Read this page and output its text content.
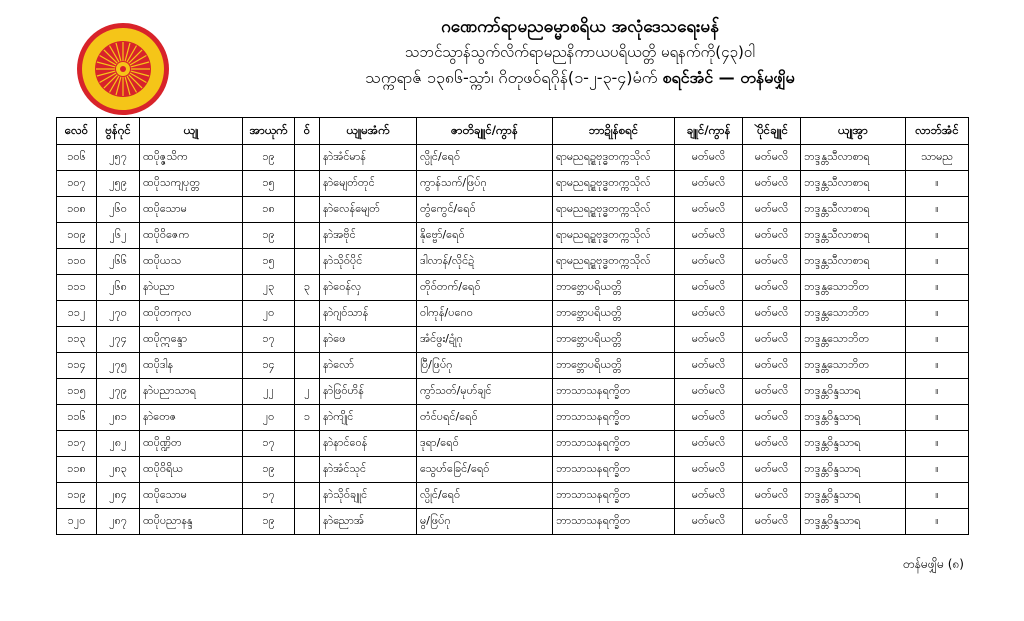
ဂဏေကာ်ရာမညဓမ္မာစရိယ အလုံဒေသရေးမန်
သဘင်သွာန်သွက်လိက်ရာမညနိကာယပရိယတ္တိ မရနက်ကို(၄၃)ဝါ
သက္ကရာဇ် ၁၃၈၆-သ္ကာံ၊ ဂိတုဖဝ်ရဂိုန်(၁-၂-၃-၄)မံက် စရင်အံင် — တန်မဖျှိမ
လေဝ်	ဗွန်ဂုင်	ယျု	အာယုက်	ဝ်	ယျုမအံက်	ဇာတိချူင်/ကွာန်	ဘာဍိုန်စရင်	ချူင်/ကွာန်	ပိုဲင်ချူင်	ယျုအွာ	လာဘ်အံင်
၁၀၆	၂၅၇	ထပိုဇ္ဇသိက	၁၉		နာဲအံင်မာန်	လ္ပိုင်/ရေဝ်	ရာမညရဍ္ဍဗုဒ္ဓတက္ကသိုလ်	မတ်မလိ	မတ်မလိ	ဘဒ္ဒန္တသီလာစာရ	သာမည
၁၀၇	၂၅၉	ထပိုသကျပုတ္တ	၁၅		နာဲမျေတ်တုင်	ကွာန်သက်/ဖြပ်ဂု	ရာမညရဍ္ဍဗုဒ္ဓတက္ကသိုလ်	မတ်မလိ	မတ်မလိ	ဘဒ္ဒန္တသီလာစာရ	။
၁၀၈	၂၆၀	ထပိုသောမ	၁၈		နာဲလေန်မျေတ်	တွံကွေင်/ရေဝ်	ရာမညရဍ္ဍဗုဒ္ဓတက္ကသိုလ်	မတ်မလိ	မတ်မလိ	ဘဒ္ဒန္တသီလာစာရ	။
၁၀၉	၂၆၂	ထပိုဝိဇေက	၁၉		နာဲအဗိုင်	နိုဗ္ဗော်/ရေဝ်	ရာမညရဍ္ဍဗုဒ္ဓတက္ကသိုလ်	မတ်မလိ	မတ်မလိ	ဘဒ္ဒန္တသီလာစာရ	။
၁၁၀	၂၆၆	ထပိုယသ	၁၅		နာဲသိုဝ်ပိုင်	ဒါလာန်/လိုင်ဍဲ	ရာမညရဍ္ဍဗုဒ္ဓတက္ကသိုလ်	မတ်မလိ	မတ်မလိ	ဘဒ္ဒန္တသီလာစာရ	။
၁၁၁	၂၆၈	နာဲပညာ	၂၃	၃	နာဲဝေန်လှ	တိုဝ်တက်/ရေဝ်	ဘာဗ္ဘောပရိယတ္တိ	မတ်မလိ	မတ်မလိ	ဘဒ္ဒန္တသောဘိတ	။
၁၁၂	၂၇၀	ထပိုတကုလ	၂၀		နာဲဂျဝ်သာန်	ဝါကုန်/ပဂေဝ	ဘာဗ္ဘောပရိယတ္တိ	မတ်မလိ	မတ်မလိ	ဘဒ္ဒန္တသောဘိတ	။
၁၁၃	၂၇၄	ထပိုဣန္ဒော	၁၇		နာဲဖေ	အံင်ဖွး/ဍုံဂု	ဘာဗ္ဘောပရိယတ္တိ	မတ်မလိ	မတ်မလိ	ဘဒ္ဒန္တသောဘိတ	။
၁၁၄	၂၇၅	ထပိုဒါန	၁၄		နာဲလော်	ပြီ/ဖြပ်ဂု	ဘာဗ္ဘောပရိယတ္တိ	မတ်မလိ	မတ်မလိ	ဘဒ္ဒန္တသောဘိတ	။
၁၁၅	၂၇၉	နာဲပညာသာရ	၂၂	၂	နာဲဖြဝ်ဟိန်	ကွာ်သတ်/မုဟ်ချင်	ဘာသာသနရက္ခိတ	မတ်မလိ	မတ်မလိ	ဘဒ္ဒန္တဝိန္ဒသာရ	။
၁၁၆	၂၈၁	နာဲတေဇ	၂၀	၁	နာဲကျိုင်	တံင်ပရင်/ရေဝ်	ဘာသာသနရက္ခိတ	မတ်မလိ	မတ်မလိ	ဘဒ္ဒန္တဝိန္ဒသာရ	။
၁၁၇	၂၈၂	ထပိုဏ္ဍိတ	၁၇		နာဲနာင်ဝေန်	ဒုရာ/ရေဝ်	ဘာသာသနရက္ခိတ	မတ်မလိ	မတ်မလိ	ဘဒ္ဒန္တဝိန္ဒသာရ	။
၁၁၈	၂၈၃	ထပိုဝိရိယ	၁၉		နာဲအံင်သုင်	သွေဟ်ခြေင်/ရေဝ်	ဘာသာသနရက္ခိတ	မတ်မလိ	မတ်မလိ	ဘဒ္ဒန္တဝိန္ဒသာရ	။
၁၁၉	၂၈၄	ထပိုသောမ	၁၇		နာဲသိုဝ်ချူင်	လ္ပိုင်/ရေဝ်	ဘာသာသနရက္ခိတ	မတ်မလိ	မတ်မလိ	ဘဒ္ဒန္တဝိန္ဒသာရ	။
၁၂၀	၂၈၇	ထပိုပညာနန္ဒ	၁၉		နာဲညောအ်	မွ/ဖြပ်ဂု	ဘာသာသနရက္ခိတ	မတ်မလိ	မတ်မလိ	ဘဒ္ဒန္တဝိန္ဒသာရ	။
တန်မဖျှိမ (၈)
